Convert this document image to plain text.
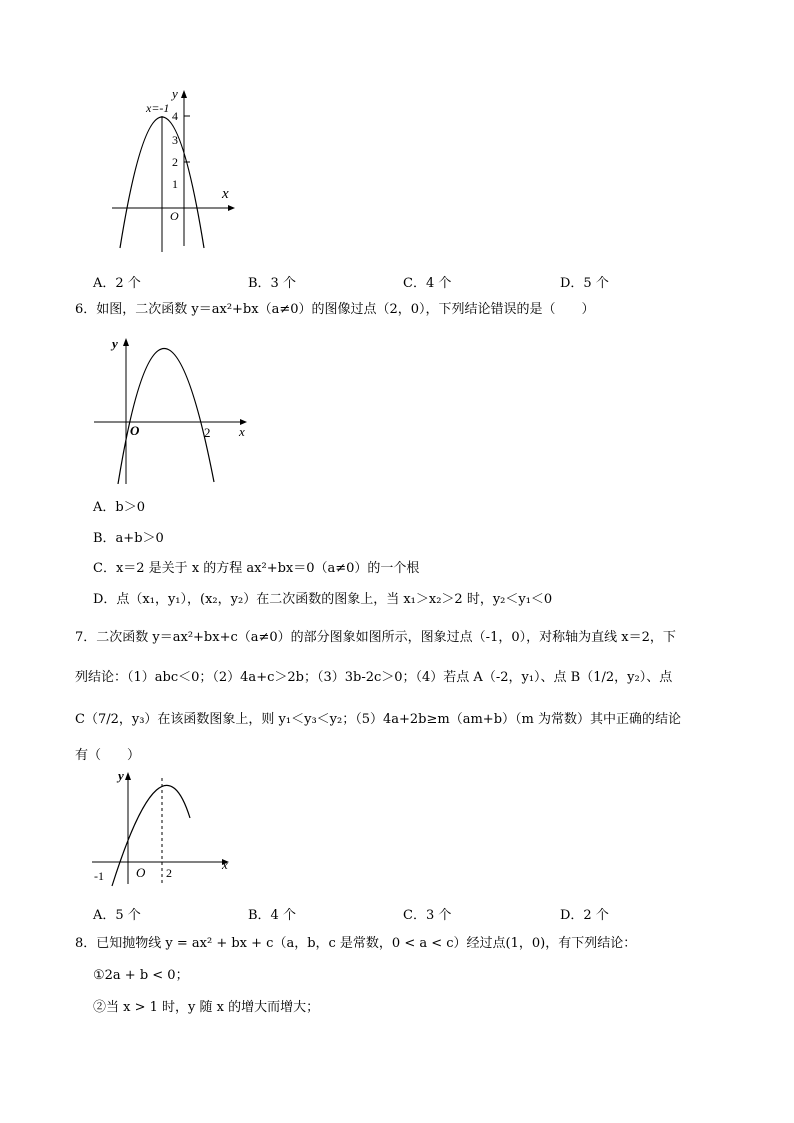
x=-1
y
4
3
2
1
x
O
A．2 个	B．3 个	C．4 个	D．5 个
6．如图，二次函数 y＝ax²+bx（a≠0）的图像过点（2，0），下列结论错误的是（　　）
y
x
O	2
A．b＞0
B．a+b＞0
C．x＝2 是关于 x 的方程 ax²+bx＝0（a≠0）的一个根
D．点（x₁，y₁），(x₂，y₂）在二次函数的图象上，当 x₁＞x₂＞2 时，y₂＜y₁＜0
7．二次函数 y＝ax²+bx+c（a≠0）的部分图象如图所示，图象过点（-1，0），对称轴为直线 x＝2，下
列结论：（1）abc＜0；（2）4a+c＞2b；（3）3b-2c＞0；（4）若点 A（-2，y₁）、点 B（1/2，y₂）、点
C（7/2，y₃）在该函数图象上，则 y₁＜y₃＜y₂；（5）4a+2b≥m（am+b）（m 为常数）其中正确的结论
有（　　）
y
x
O
-1	2
A．5 个	B．4 个	C．3 个	D．2 个
8．已知抛物线 y = ax² + bx + c（a，b，c 是常数，0 < a < c）经过点(1，0)，有下列结论：
①2a + b < 0；
②当 x > 1 时，y 随 x 的增大而增大；
